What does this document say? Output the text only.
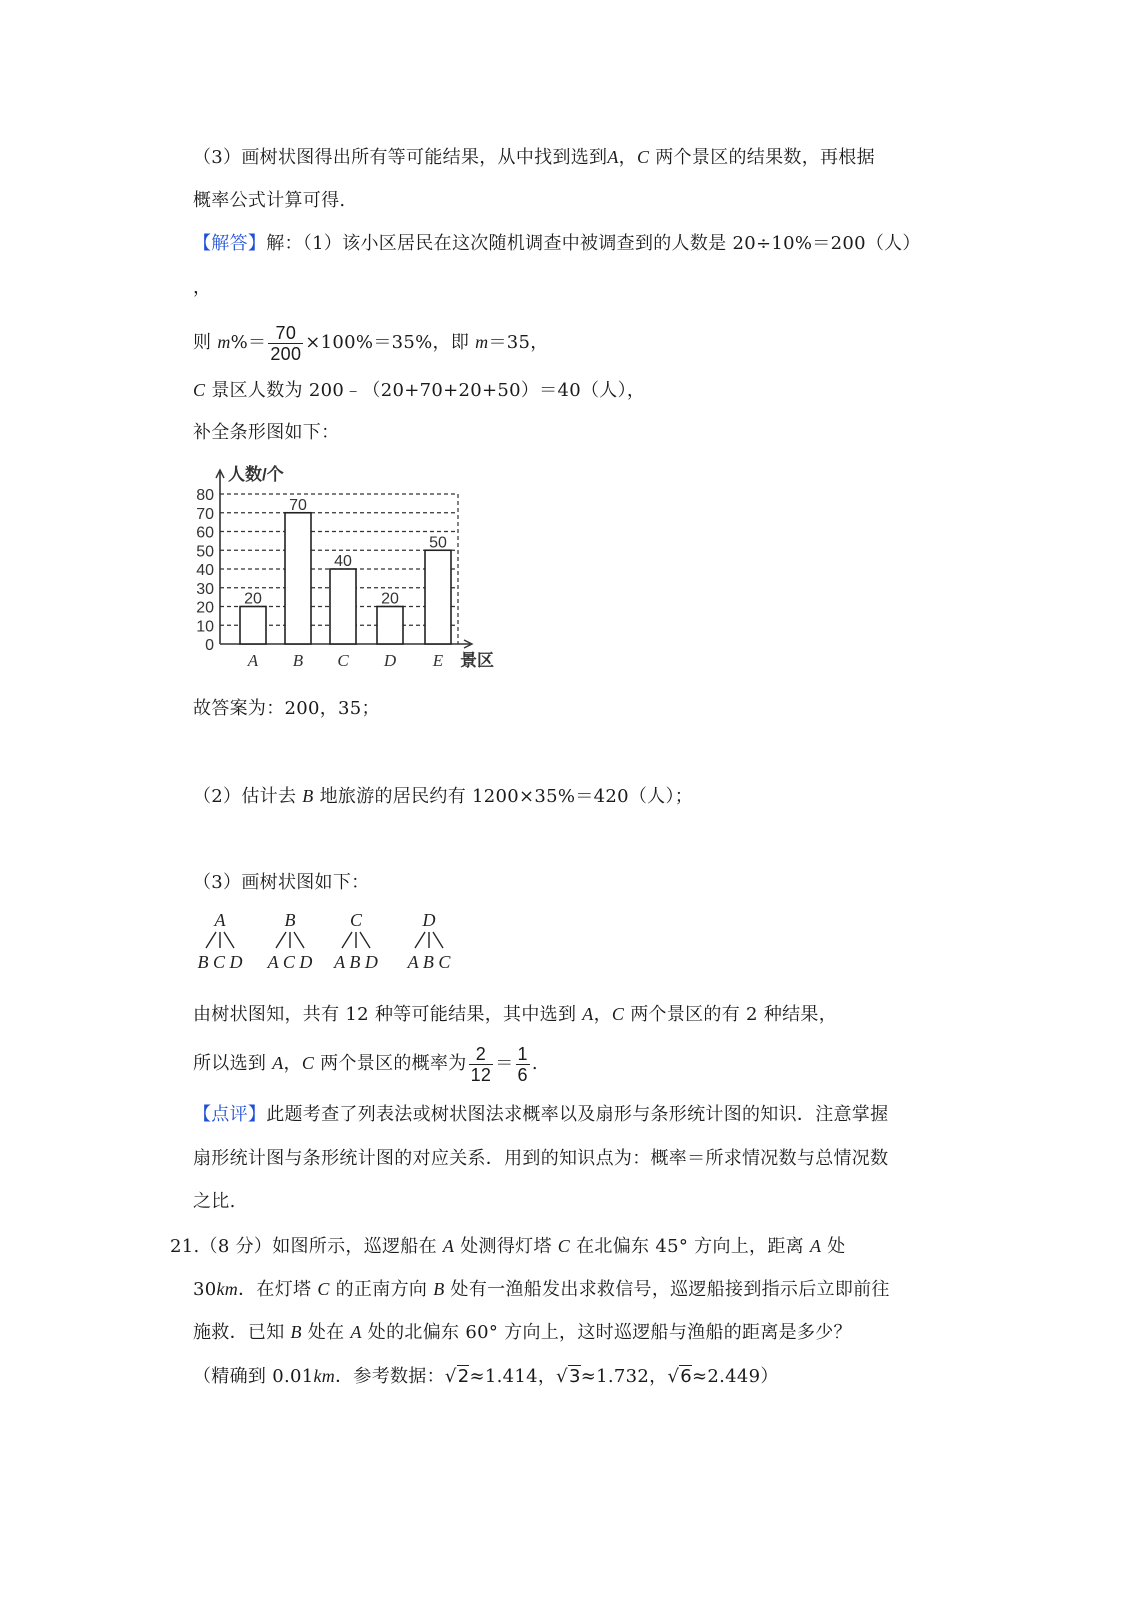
（3）画树状图得出所有等可能结果，从中找到选到A，C 两个景区的结果数，再根据
概率公式计算可得.
【解答】解：（1）该小区居民在这次随机调查中被调查到的人数是 20÷10%＝200（人）
，
则 $m\%= \frac{70}{200} \times 100\%=35\%$，即 m＝35，
C 景区人数为 200﹣（20+70+20+50）＝40（人），
补全条形图如下：
0
10
20
30
40
50
60
70
80
人数/个
景区
20
A
70
B
40
C
20
D
50
E
故答案为：200，35；
（2）估计去 B 地旅游的居民约有 1200×35%＝420（人）；
（3）画树状图如下：
A
B C D
B
A C D
C
A B D
D
A B C
由树状图知，共有 12 种等可能结果，其中选到 A，C 两个景区的有 2 种结果，
所以选到 A，C 两个景区的概率为 $\frac{2}{12} = \frac{1}{6}$ .
【点评】此题考查了列表法或树状图法求概率以及扇形与条形统计图的知识．注意掌握
扇形统计图与条形统计图的对应关系．用到的知识点为：概率＝所求情况数与总情况数
之比.
21.（8 分）如图所示，巡逻船在 A 处测得灯塔 C 在北偏东 45° 方向上，距离 A 处
30km．在灯塔 C 的正南方向 B 处有一渔船发出求救信号，巡逻船接到指示后立即前往
施救．已知 B 处在 A 处的北偏东 60° 方向上，这时巡逻船与渔船的距离是多少？
（精确到 0.01km．参考数据：√2≈1.414，√3≈1.732，√6≈2.449）
